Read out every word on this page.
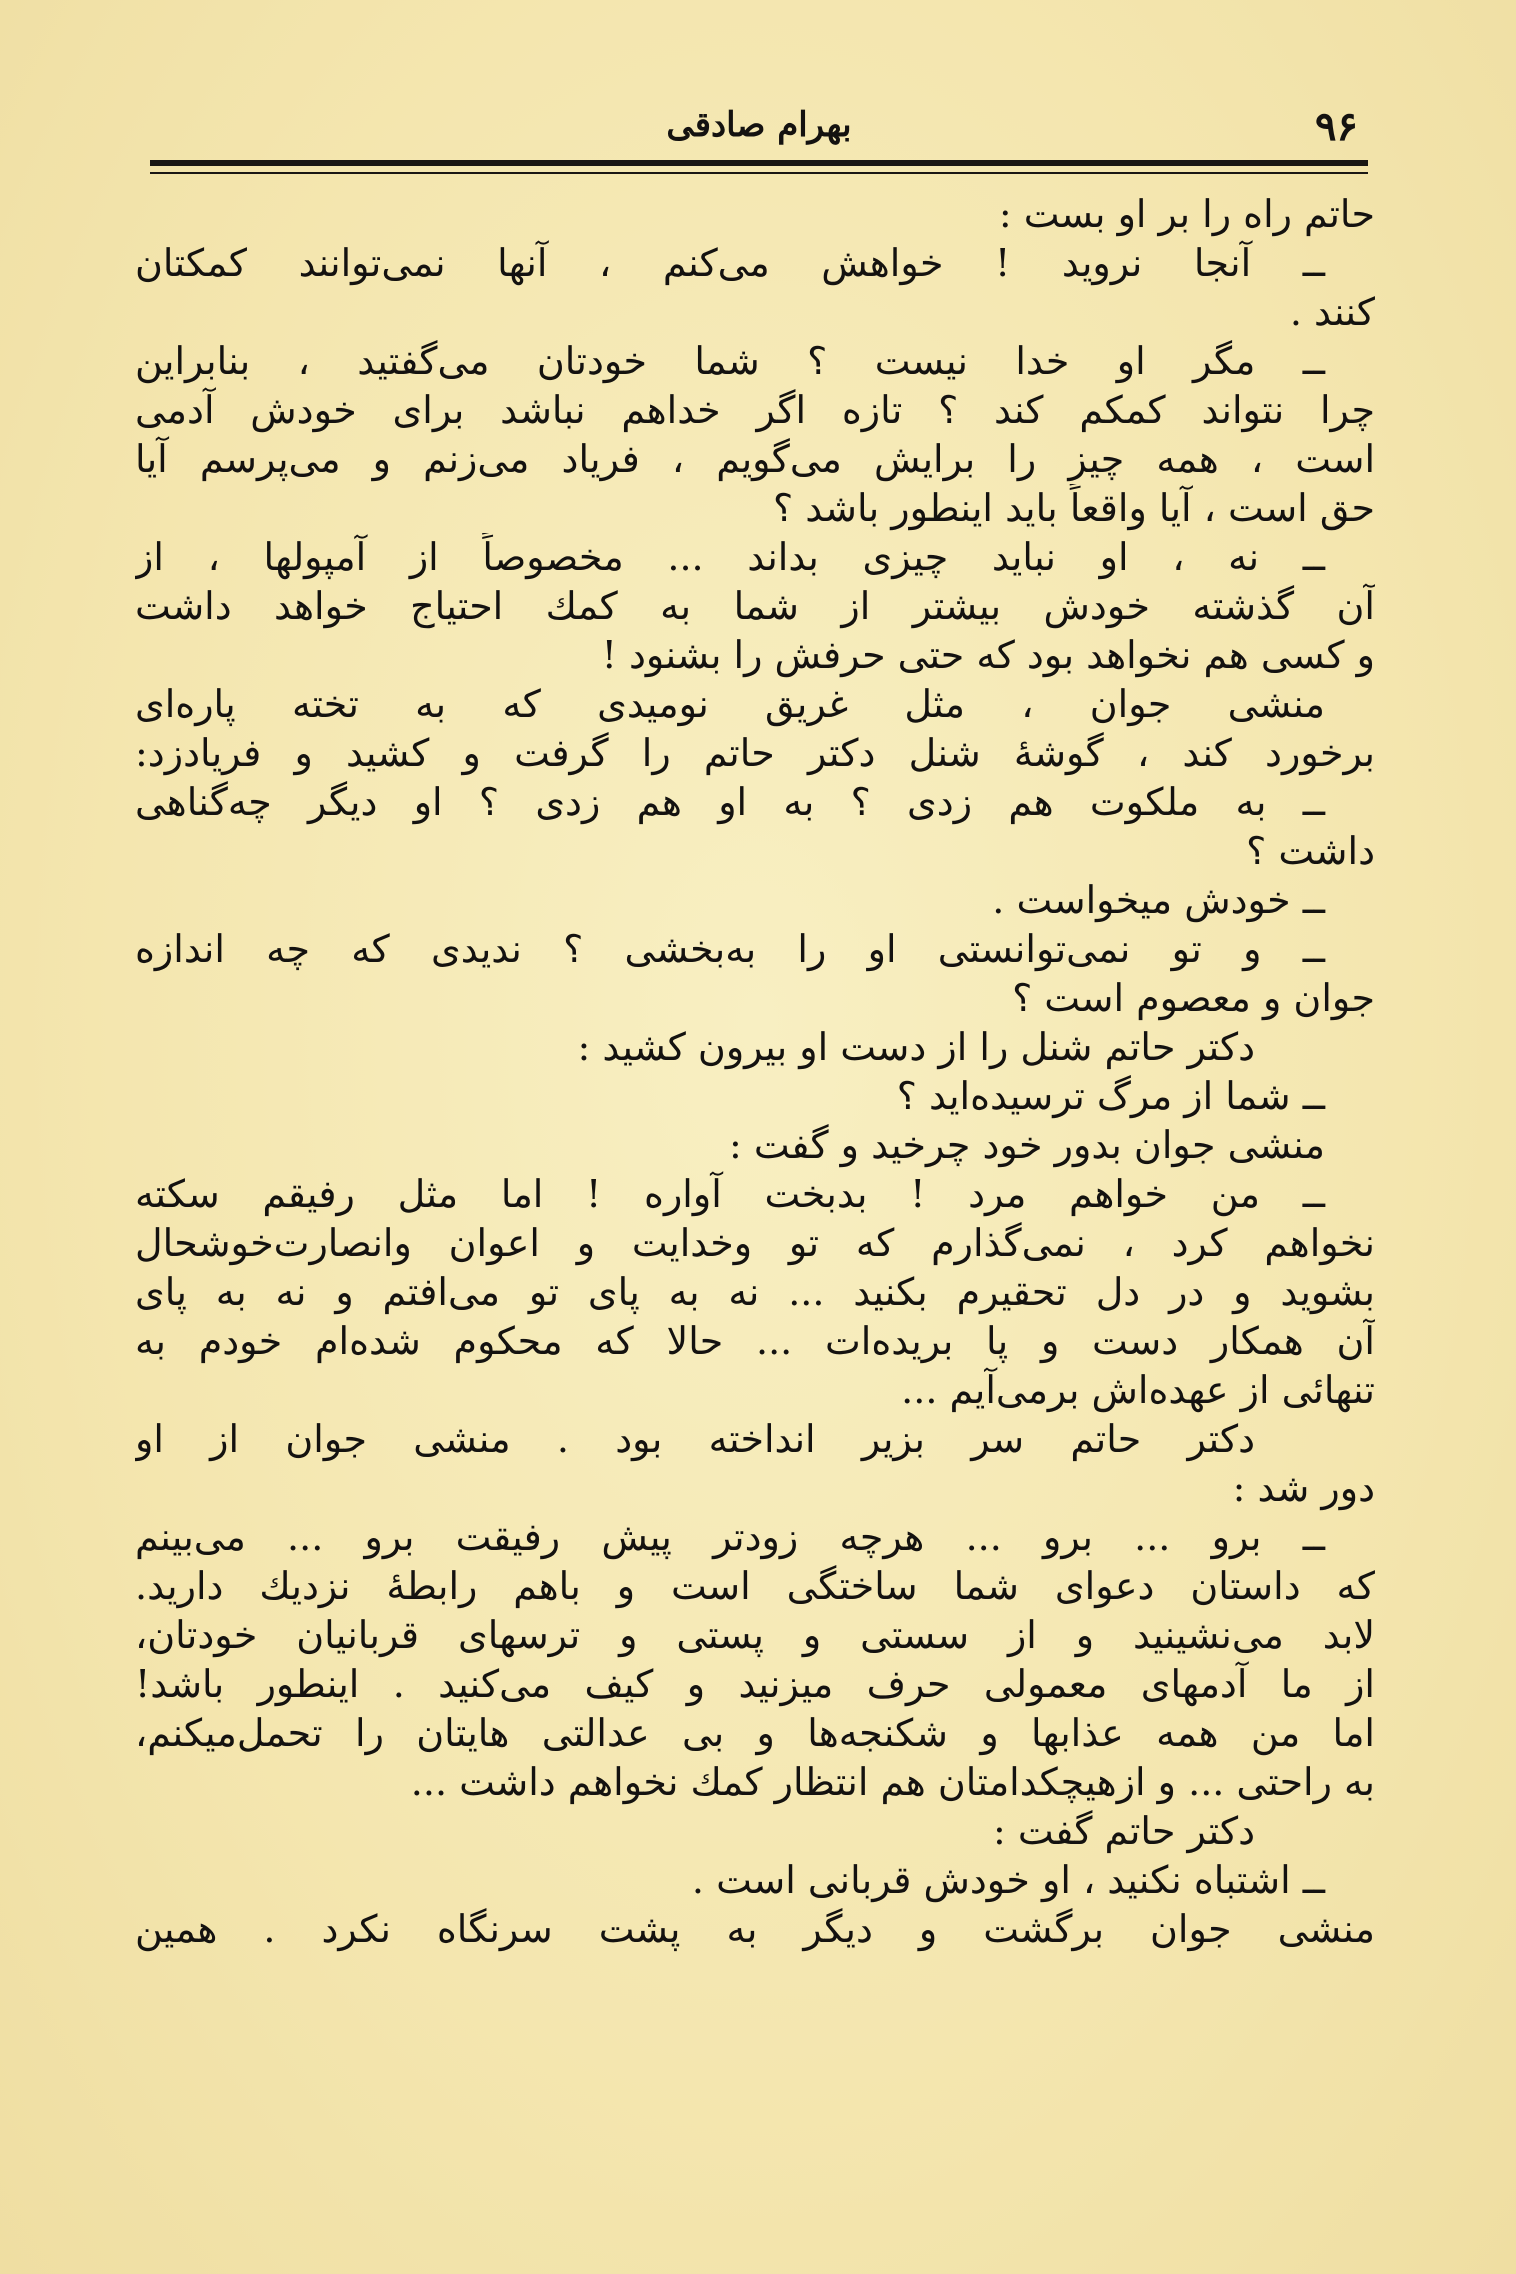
۹۶
بهرام صادقی
حاتم راه را بر او بست :
ــ آنجا نروید ! خواهش می‌کنم ، آنها نمی‌توانند کمکتان
کنند .
ــ مگر او خدا نیست ؟ شما خودتان می‌گفتید ، بنابراین
چرا نتواند کمکم کند ؟ تازه اگر خداهم نباشد برای خودش آدمی
است ، همه چیز را برایش می‌گویم ، فریاد می‌زنم و می‌پرسم آیا
حق است ، آیا واقعاً باید اینطور باشد ؟
ــ نه ، او نباید چیزی بداند ... مخصوصاً از آمپولها ، از
آن گذشته خودش بیشتر از شما به کمك احتیاج خواهد داشت
و کسی هم نخواهد بود که حتی حرفش را بشنود !
منشی جوان ، مثل غریق نومیدی که به تخته پاره‌ای
برخورد کند ، گوشهٔ شنل دکتر حاتم را گرفت و کشید و فریادزد:
ــ به ملکوت هم زدی ؟ به او هم زدی ؟ او دیگر چه‌گناهی
داشت ؟
ــ خودش میخواست .
ــ و تو نمی‌توانستی او را به‌بخشی ؟ ندیدی که چه اندازه
جوان و معصوم است ؟
دکتر حاتم شنل را از دست او بیرون کشید :
ــ شما از مرگ ترسیده‌اید ؟
منشی جوان بدور خود چرخید و گفت :
ــ من خواهم مرد ! بدبخت آواره ! اما مثل رفیقم سکته
نخواهم کرد ، نمی‌گذارم که تو وخدایت و اعوان وانصارت‌خوشحال
بشوید و در دل تحقیرم بکنید ... نه به پای تو می‌افتم و نه به پای
آن همکار دست و پا بریده‌ات ... حالا که محکوم شده‌ام خودم به
تنهائی از عهده‌اش برمی‌آیم ...
دکتر حاتم سر بزیر انداخته بود . منشی جوان از او
دور شد :
ــ برو ... برو ... هرچه زودتر پیش رفیقت برو ... می‌بینم
که داستان دعوای شما ساختگی است و باهم رابطهٔ نزدیك دارید.
لابد می‌نشینید و از سستی و پستی و ترسهای قربانیان خودتان،
از ما آدمهای معمولی حرف میزنید و کیف می‌کنید . اینطور باشد!
اما من همه عذابها و شکنجه‌ها و بی عدالتی هایتان را تحمل‌میکنم،
به راحتی ... و ازهیچکدامتان هم انتظار کمك نخواهم داشت ...
دکتر حاتم گفت :
ــ اشتباه نکنید ، او خودش قربانی است .
منشی جوان برگشت و دیگر به پشت سرنگاه نکرد . همین
